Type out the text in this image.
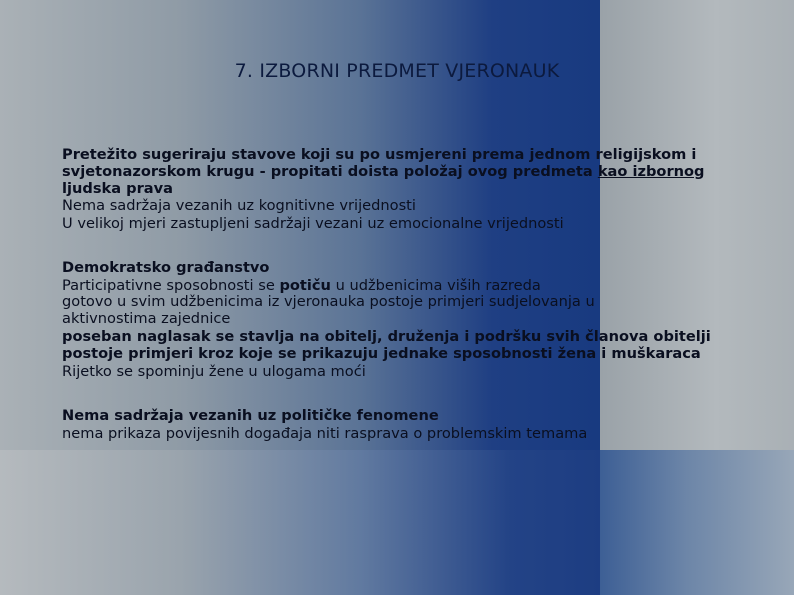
7. IZBORNI PREDMET VJERONAUK

Pretežito sugeriraju stavove koji su po usmjereni prema jednom religijskom i

svjetonazorskom krugu - propitati doista položaj ovog predmeta kao izbornog

ljudska prava

Nema sadržaja vezanih uz kognitivne vrijednosti

U velikoj mjeri zastupljeni sadržaji vezani uz emocionalne vrijednosti

Demokratsko građanstvo

Participativne sposobnosti se potiču u udžbenicima viših razreda

gotovo u svim udžbenicima iz vjeronauka postoje primjeri sudjelovanja u

aktivnostima zajednice

poseban naglasak se stavlja na obitelj, druženja i podršku svih članova obitelji

postoje primjeri kroz koje se prikazuju jednake sposobnosti žena i muškaraca

Rijetko se spominju žene u ulogama moći

Nema sadržaja vezanih uz političke fenomene

nema prikaza povijesnih događaja niti rasprava o problemskim temama
